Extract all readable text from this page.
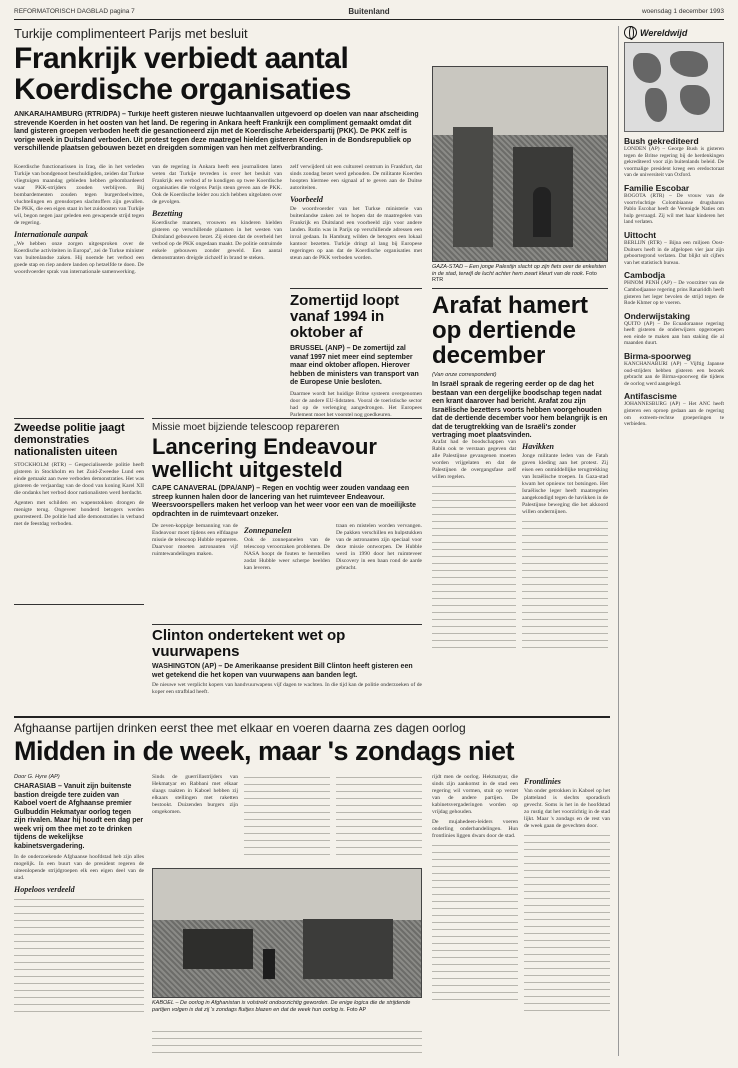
REFORMATORISCH DAGBLAD pagina 7	Buitenland	woensdag 1 december 1993
Turkije complimenteert Parijs met besluit
Frankrijk verbiedt aantal Koerdische organisaties
ANKARA/HAMBURG (RTR/DPA) – Turkije heeft gisteren nieuwe luchtaanvallen uitgevoerd op doelen van naar afscheiding strevende Koerden in het oosten van het land. De regering in Ankara heeft Frankrijk een compliment gemaakt omdat dit land gisteren groepen verboden heeft die gesanctioneerd zijn met de Koerdische Arbeiderspartij (PKK). De PKK zelf is vorige week in Duitsland verboden. Uit protest tegen deze maatregel hielden gisteren Koerden in de Bondsrepubliek op verschillende plaatsen gebouwen bezet en dreigden sommigen van hen met zelfverbranding.

Koerdische functionarissen in Iraq, die in het verleden Turkije van bondgenoot beschuldigden, zeiden dat Turkse vliegtuigen maandag gebieden hebben gebombardeerd waar PKK-strijders zouden verblijven. Bij bombardementen zouden tegen burgerdoelwitten, vluchtelingen en grensdorpen slachtoffers zijn gevallen. De PKK, die een eigen staat in het zuidoosten van Turkije wil, begon negen jaar geleden een gewapende strijd tegen de regering.

Internationale aanpak

,,We hebben onze zorgen uitgesproken over de Koerdische activiteiten in Europa'', zei de Turkse minister van buitenlandse zaken. Hij noemde het verbod een goede stap en riep andere landen op hetzelfde te doen. De woordvoerder sprak van internationale samenwerking.

van de regering in Ankara heeft een journalisten laten weten dat Turkije tevreden is over het besluit van Frankrijk een verbod af te kondigen op twee Koerdische organisaties die volgens Parijs steun geven aan de PKK. Ook de Koerdische leider zou zich hebben uitgelaten over de gevolgen.

Bezetting

Koerdische mannen, vrouwen en kinderen hielden gisteren op verschillende plaatsen in het westen van Duitsland gebouwen bezet. Zij eisten dat de overheid het verbod op de PKK ongedaan maakt. De politie ontruimde enkele gebouwen zonder geweld. Een aantal demonstranten dreigde zichzelf in brand te steken.

zelf verwijderd uit een cultureel centrum in Frankfurt, dat sinds zondag bezet werd gehouden. De militante Koerden hoopten hiermee een signaal af te geven aan de Duitse autoriteiten.

Voorbeeld

De woordvoerder van het Turkse ministerie van buitenlandse zaken zei te hopen dat de maatregelen van Frankrijk en Duitsland een voorbeeld zijn voor andere landen. Rutin was in Parijs op verschillende adressen een inval gedaan. In Hamburg wilden de betogers een lokaal kantoor bezetten. Turkije dringt al lang bij Europese regeringen op aan dat de Koerdische organisaties met steun aan de PKK verboden worden.

GAZA-STAD – Een jonge Palestijn slacht op zijn fiets over de enkelsten in de stad, terwijl de lucht achter hem zwart kleurt van de rook. Foto RTR
Zomertijd loopt vanaf 1994 in oktober af

BRUSSEL (ANP) – De zomertijd zal vanaf 1997 niet meer eind september maar eind oktober aflopen. Hierover hebben de ministers van transport van de Europese Unie besloten.

Daarmee wordt het huidige Britse systeem overgenomen door de andere EU-lidstaten. Vooral de toeristische sector had op de verlenging aangedrongen. Het Europees Parlement moet het voorstel nog goedkeuren.

Arafat hamert op dertiende december
(Van onze correspondent)

In Israël spraak de regering eerder op de dag het bestaan van een dergelijke boodschap tegen nadat een krant daarover had bericht. Arafat zou zijn Israëlische bezetters voorts hebben voorgehouden dat de dertiende december voor hem belangrijk is en dat de terugtrekking van de Israëli's zonder vertraging moet plaatsvinden.

Arafat had de boodschappen van Rabin ook te verstaan gegeven dat alle Palestijnse gevangenen moeten worden vrijgelaten en dat de Palestijnen de overgangsfase zelf willen regelen.

Havikken

Jonge militante leden van de Fatah gaven kleding aan het protest. Zij eisen een onmiddellijke terugtrekking van Israëlische troepen. In Gaza-stad kwam het opnieuw tot botsingen. Het Israëlische leger heeft maatregelen aangekondigd tegen de havikken in de Palestijnse beweging die het akkoord willen ondermijnen.

Zweedse politie jaagt demonstraties nationalisten uiteen

STOCKHOLM (RTR) – Gespecialiseerde politie heeft gisteren in Stockholm en het Zuid-Zweedse Lund een einde gemaakt aan twee verboden demonstraties. Het was gisteren de verjaardag van de dood van koning Karel XII die ondanks het verbod door nationalisten werd herdacht.

Agenten met schilden en wapenstokken drongen de menigte terug. Ongeveer honderd betogers werden gearresteerd. De politie had alle demonstraties in verband met de feestdag verboden.

Missie moet bijziende telescoop repareren
Lancering Endeavour wellicht uitgesteld

CAPE CANAVERAL (DPA/ANP) – Regen en vochtig weer zouden vandaag een streep kunnen halen door de lancering van het ruimteveer Endeavour. Weersvoorspellers maken het verloop van het weer voor een van de moeilijkste opdrachten in de ruimtevaart onzeker.

De zeven-koppige bemanning van de Endeavour moet tijdens een elfdaagse missie de telescoop Hubble repareren. Daarvoor moeten astronauten vijf ruimtewandelingen maken.

Zonnepanelen

Ook de zonnepanelen van de telescoop veroorzaken problemen. De NASA hoopt de fouten te herstellen zodat Hubble weer scherpe beelden kan leveren.

traan en mistelen worden vervangen. De pakken verschillen en hulpstukken van de astronauten zijn speciaal voor deze missie ontworpen. De Hubble werd in 1990 door het ruimteveer Discovery in een baan rond de aarde gebracht.

Clinton ondertekent wet op vuurwapens

WASHINGTON (AP) – De Amerikaanse president Bill Clinton heeft gisteren een wet getekend die het kopen van vuurwapens aan banden legt.

De nieuwe wet verplicht kopers van handvuurwapens vijf dagen te wachten. In die tijd kan de politie onderzoeken of de koper een strafblad heeft.

Afghaanse partijen drinken eerst thee met elkaar en voeren daarna zes dagen oorlog
Midden in de week, maar 's zondags niet
Door G. Hyre (AP)

CHARASIAB – Vanuit zijn buitenste bastion dreigde tere zuiden van Kaboel voert de Afghaanse premier Gulbuddin Hekmatyar oorlog tegen zijn rivalen. Maar hij houdt een dag per week vrij om thee met zo te drinken tijdens de wekelijkse kabinetsvergadering.

In de onderzoekende Afghaanse hoofdstad heb zijn alles mogelijk. In een buurt van de president regeren de uiteenlopende strijdgroepen elk een eigen deel van de stad.

Hopeloos verdeeld

Sinds de guerrillastrijders van Hekmatyar en Rabbani met elkaar slaags raakten in Kaboel hebben zij elkaars stellingen met raketten bestookt. Duizenden burgers zijn omgekomen.

rijdt men de oorlog. Hekmatyar, die sinds zijn aankomst in de stad een regering wil vormen, stuit op verzet van de andere partijen. De kabinetsvergaderingen worden op vrijdag gehouden.

De mujahedeen-leiders voeren onderling onderhandelingen. Hun frontlinies liggen dwars door de stad.

Frontlinies

Van onder getrokken in Kaboel op het platteland is slechts sporadisch gevecht. Soms is het in de hoofdstad zo rustig dat het voorzichtig in de stad lijkt. Maar 's zondags en de rest van de week gaan de gevechten door.

KABOEL – De oorlog in Afghanistan is volstrekt ondoorzichtig geworden. De enige logica die de strijdende partijen volgen is dat zij 's zondags fluitjes blazen en dat de week hun oorlog is. Foto AP
Wereldwijd
Bush gekrediteerd

LONDEN (AP) – George Bush is gisteren tegen de Britse regering bij de herdenkingen gekrediteerd voor zijn buitenlands beleid. De voormalige president kreeg een eredoctoraat van de universiteit van Oxford.

Familie Escobar

BOGOTA (RTR) – De vrouw van de voortvluchtige Colombiaanse drugsbaron Pablo Escobar heeft de Verenigde Naties om hulp gevraagd. Zij wil met haar kinderen het land verlaten.

Uittocht

BERLIJN (RTR) – Bijna een miljoen Oost-Duitsers heeft in de afgelopen vier jaar zijn geboortegrond verlaten. Dat blijkt uit cijfers van het statistisch bureau.

Cambodja

PHNOM PENH (AP) – De voorzitter van de Cambodjaanse regering prins Ranariddh heeft gisteren het leger bevolen de strijd tegen de Rode Khmer op te voeren.

Onderwijstaking

QUITO (AP) – De Ecuadoraanse regering heeft gisteren de onderwijzers opgeroepen een einde te maken aan hun staking die al maanden duurt.

Birma-spoorweg

KANCHANABURI (AP) – Vijftig Japanse oud-strijders hebben gisteren een bezoek gebracht aan de Birma-spoorweg die tijdens de oorlog werd aangelegd.

Antifascisme

JOHANNESBURG (AP) – Het ANC heeft gisteren een oproep gedaan aan de regering om extreem-rechtse groeperingen te verbieden.
